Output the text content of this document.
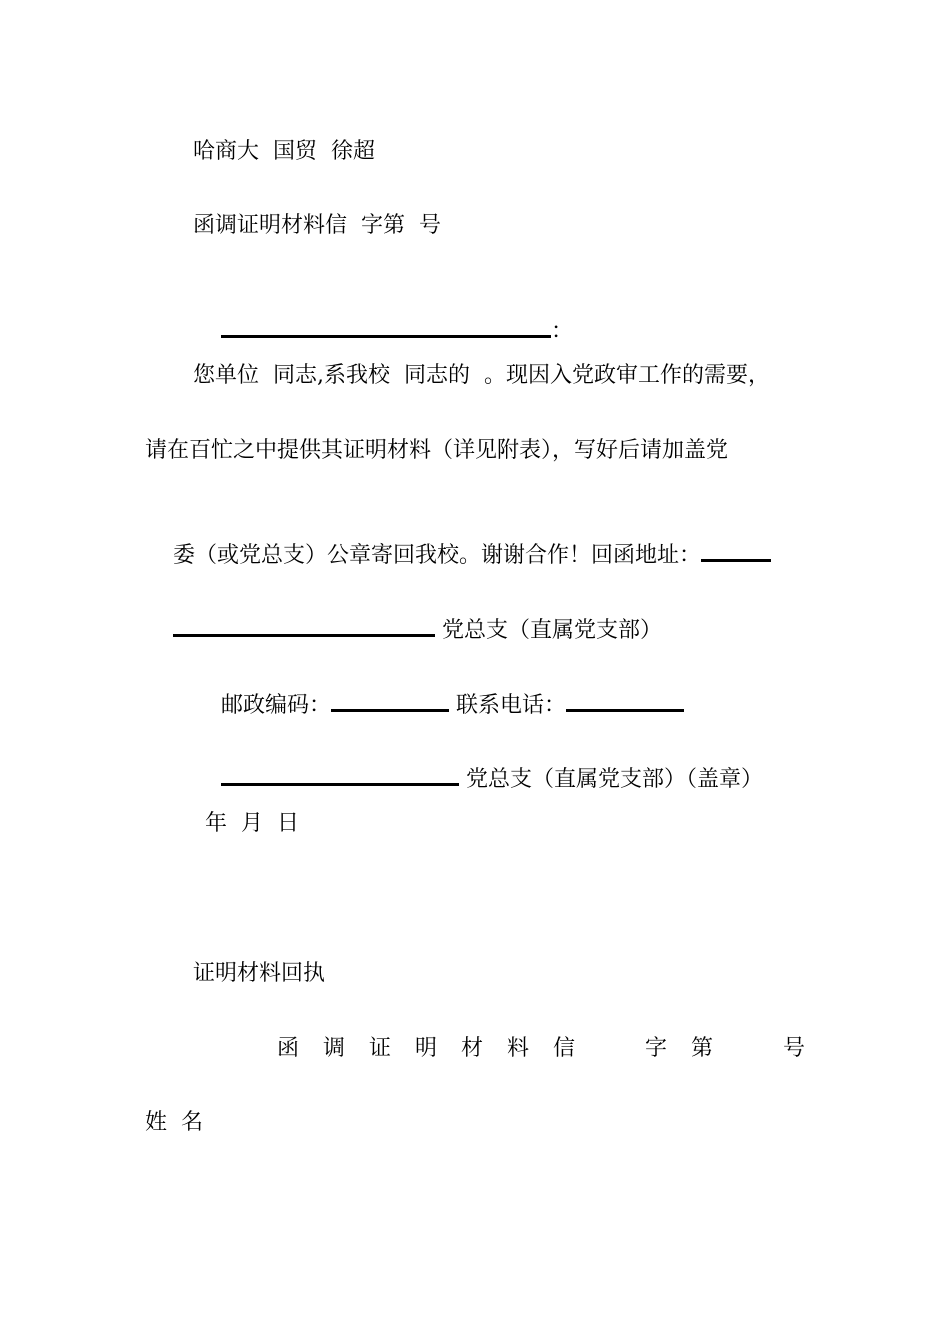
哈商大  国贸  徐超
函调证明材料信  字第  号

：

您单位  同志,系我校  同志的  。现因入党政审工作的需要，
请在百忙之中提供其证明材料（详见附表），写好后请加盖党

委（或党总支）公章寄回我校。谢谢合作！回函地址：

党总支（直属党支部）

邮政编码：	联系电话：

党总支（直属党支部）（盖章）

年  月  日
证明材料回执
函 调 证 明 材 料 信	字 第	号
姓  名
